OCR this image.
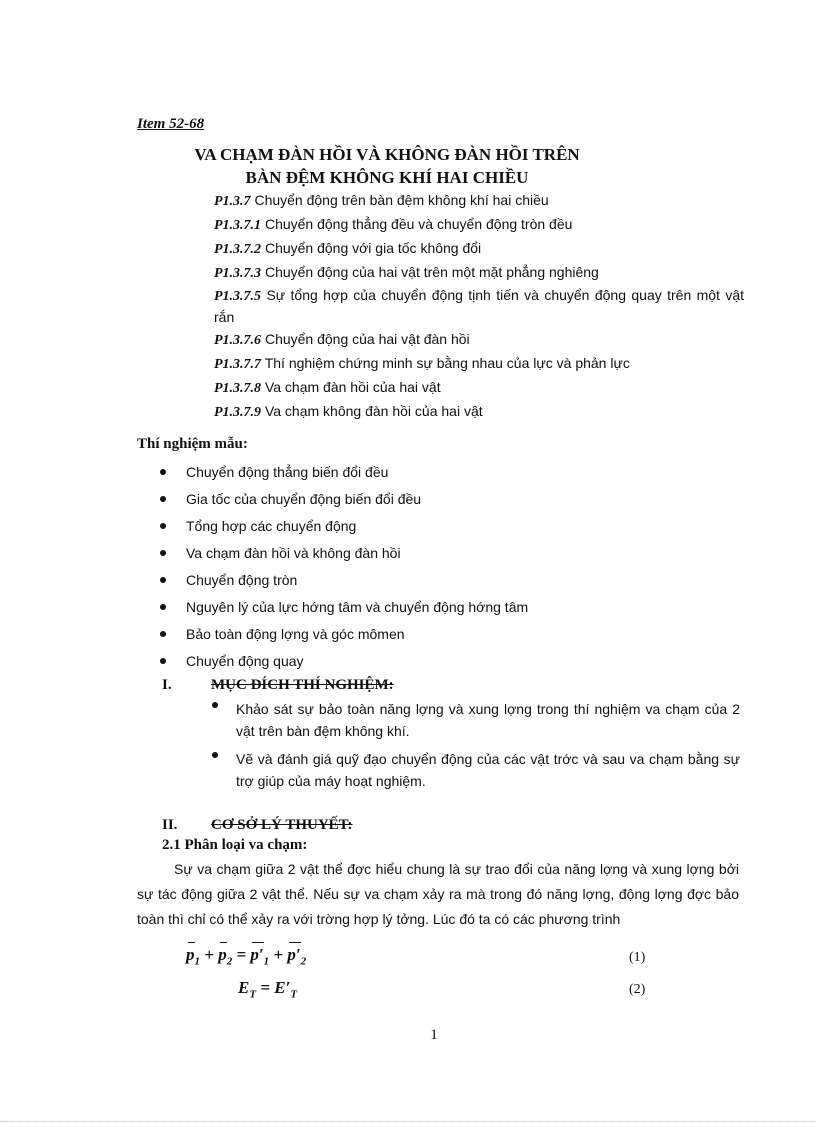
Item 52-68
VA CHẠM ĐÀN HỒI VÀ KHÔNG ĐÀN HỒI TRÊN
BÀN ĐỆM KHÔNG KHÍ HAI CHIỀU
P1.3.7 Chuyển động trên bàn đệm không khí hai chiều
P1.3.7.1 Chuyển động thẳng đều và chuyển động tròn đều
P1.3.7.2 Chuyển động với gia tốc không đổi
P1.3.7.3 Chuyển động của hai vật trên một mặt phẳng nghiêng
P1.3.7.5 Sự tổng hợp của chuyển động tịnh tiến và chuyển động quay trên một vật rắn
P1.3.7.6 Chuyển động của hai vật đàn hồi
P1.3.7.7 Thí nghiệm chứng minh sự bằng nhau của lực và phản lực
P1.3.7.8 Va chạm đàn hồi của hai vật
P1.3.7.9 Va chạm không đàn hồi của hai vật
Thí nghiệm mẫu:
Chuyển động thẳng biến đổi đều
Gia tốc của chuyển động biến đổi đều
Tổng hợp các chuyển động
Va chạm đàn hồi và không đàn hồi
Chuyển động tròn
Nguyên lý của lực hớng tâm và chuyển động hớng tâm
Bảo toàn động lợng và góc mômen
Chuyển động quay
I.	MỤC ĐÍCH THÍ NGHIỆM:
Khảo sát sự bảo toàn năng lợng và xung lợng trong thí nghiệm va chạm của 2 vật trên bàn đệm không khí.
Vẽ và đánh giá quỹ đạo chuyển động của các vật trớc và sau va chạm bằng sự trợ giúp của máy hoạt nghiệm.
II. CƠ SỞ LÝ THUYẾT:
2.1 Phân loại va chạm:
Sự va chạm giữa 2 vật thể đợc hiểu chung là sự trao đổi của năng lợng và xung lợng bởi sự tác động giữa 2 vật thể. Nếu sự va chạm xảy ra mà trong đó năng lợng, động lợng đợc bảo toàn thì chỉ có thể xảy ra với trờng hợp lý tởng. Lúc đó ta có các phương trình
$p_1 + p_2 = p'_1 + p'_2$	(1)
$E_T = E'_T$	(2)
1
